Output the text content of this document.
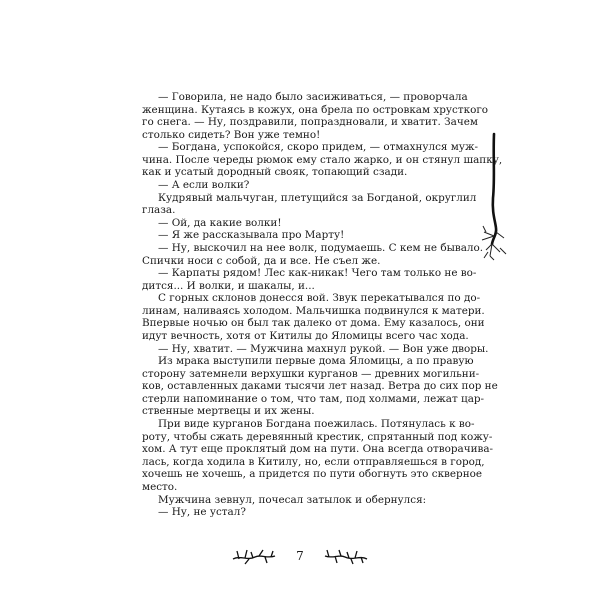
— Говорила, не надо было засиживаться, — проворчала
женщина. Кутаясь в кожух, она брела по островкам хрусткого
го снега. — Ну, поздравили, попраздновали, и хватит. Зачем
столько сидеть? Вон уже темно!
— Богдана, успокойся, скоро придем, — отмахнулся муж-
чина. После череды рюмок ему стало жарко, и он стянул шапку,
как и усатый дородный свояк, топающий сзади.
— А если волки?
Кудрявый мальчуган, плетущийся за Богданой, округлил
глаза.
— Ой, да какие волки!
— Я же рассказывала про Марту!
— Ну, выскочил на нее волк, подумаешь. С кем не бывало.
Спички носи с собой, да и все. Не съел же.
— Карпаты рядом! Лес как-никак! Чего там только не во-
дится... И волки, и шакалы, и...
С горных склонов донесся вой. Звук перекатывался по до-
линам, наливаясь холодом. Мальчишка подвинулся к матери.
Впервые ночью он был так далеко от дома. Ему казалось, они
идут вечность, хотя от Китилы до Яломицы всего час хода.
— Ну, хватит. — Мужчина махнул рукой. — Вон уже дворы.
Из мрака выступили первые дома Яломицы, а по правую
сторону затемнели верхушки курганов — древних могильни-
ков, оставленных даками тысячи лет назад. Ветра до сих пор не
стерли напоминание о том, что там, под холмами, лежат цар-
ственные мертвецы и их жены.
При виде курганов Богдана поежилась. Потянулась к во-
роту, чтобы сжать деревянный крестик, спрятанный под кожу-
хом. А тут еще проклятый дом на пути. Она всегда отворачива-
лась, когда ходила в Китилу, но, если отправляешься в город,
хочешь не хочешь, а придется по пути обогнуть это скверное
место.
Мужчина зевнул, почесал затылок и обернулся:
— Ну, не устал?
7
